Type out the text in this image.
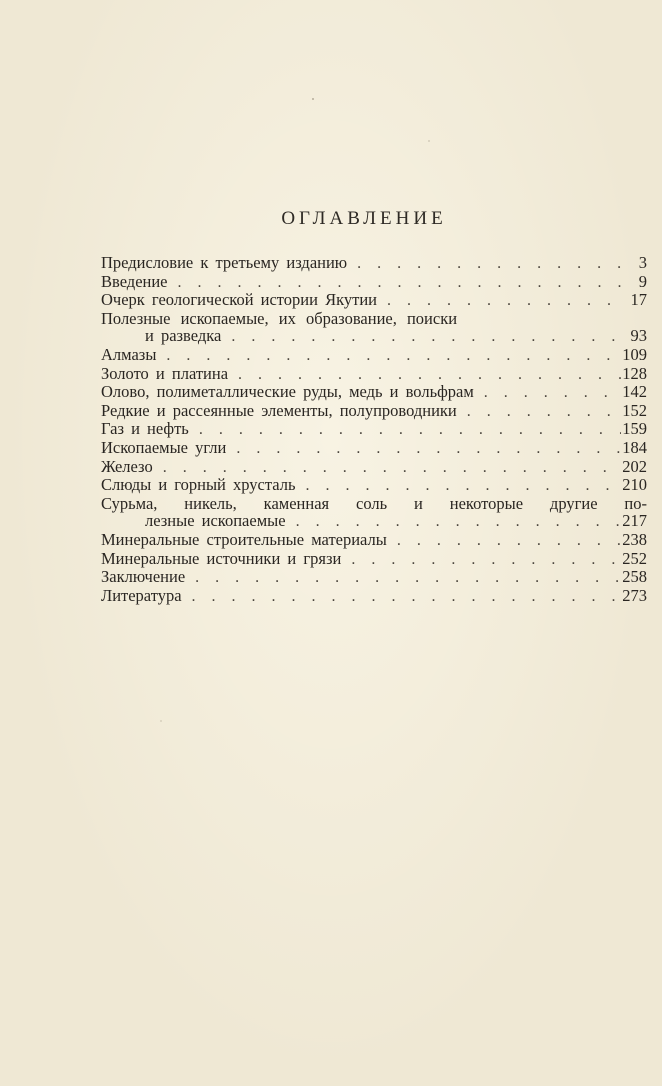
ОГЛАВЛЕНИЕ
Предисловие к третьему изданию . . .	3
Введение . . .	9
Очерк геологической истории Якутии . . .	17
Полезные ископаемые, их образование, поиски
и разведка . . .	93
Алмазы . . .	109
Золото и платина . . .	128
Олово, полиметаллические руды, медь и вольфрам . . .	142
Редкие и рассеянные элементы, полупроводники . . .	152
Газ и нефть . . .	159
Ископаемые угли . . .	184
Железо . . .	202
Слюды и горный хрусталь . . .	210
Сурьма, никель, каменная соль и некоторые другие по-
лезные ископаемые . . .	217
Минеральные строительные материалы . . .	238
Минеральные источники и грязи . . .	252
Заключение . . .	258
Литература . . .	273
